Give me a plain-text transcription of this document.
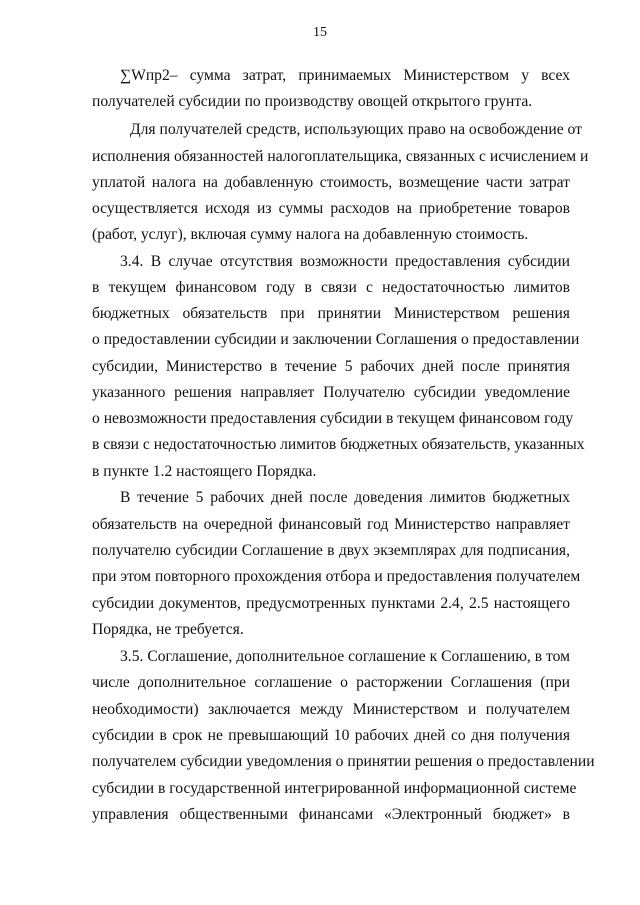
15
∑Wпр2– сумма затрат, принимаемых Министерством у всех
получателей субсидии по производству овощей открытого грунта.
Для получателей средств, использующих право на освобождение от
исполнения обязанностей налогоплательщика, связанных с исчислением и
уплатой налога на добавленную стоимость, возмещение части затрат
осуществляется исходя из суммы расходов на приобретение товаров
(работ, услуг), включая сумму налога на добавленную стоимость.
3.4. В случае отсутствия возможности предоставления субсидии
в текущем финансовом году в связи с недостаточностью лимитов
бюджетных обязательств при принятии Министерством решения
о предоставлении субсидии и заключении Соглашения о предоставлении
субсидии, Министерство в течение 5 рабочих дней после принятия
указанного решения направляет Получателю субсидии уведомление
о невозможности предоставления субсидии в текущем финансовом году
в связи с недостаточностью лимитов бюджетных обязательств, указанных
в пункте 1.2 настоящего Порядка.
В течение 5 рабочих дней после доведения лимитов бюджетных
обязательств на очередной финансовый год Министерство направляет
получателю субсидии Соглашение в двух экземплярах для подписания,
при этом повторного прохождения отбора и предоставления получателем
субсидии документов, предусмотренных пунктами 2.4, 2.5 настоящего
Порядка, не требуется.
3.5. Соглашение, дополнительное соглашение к Соглашению, в том
числе дополнительное соглашение о расторжении Соглашения (при
необходимости) заключается между Министерством и получателем
субсидии в срок не превышающий 10 рабочих дней со дня получения
получателем субсидии уведомления о принятии решения о предоставлении
субсидии в государственной интегрированной информационной системе
управления общественными финансами «Электронный бюджет» в
